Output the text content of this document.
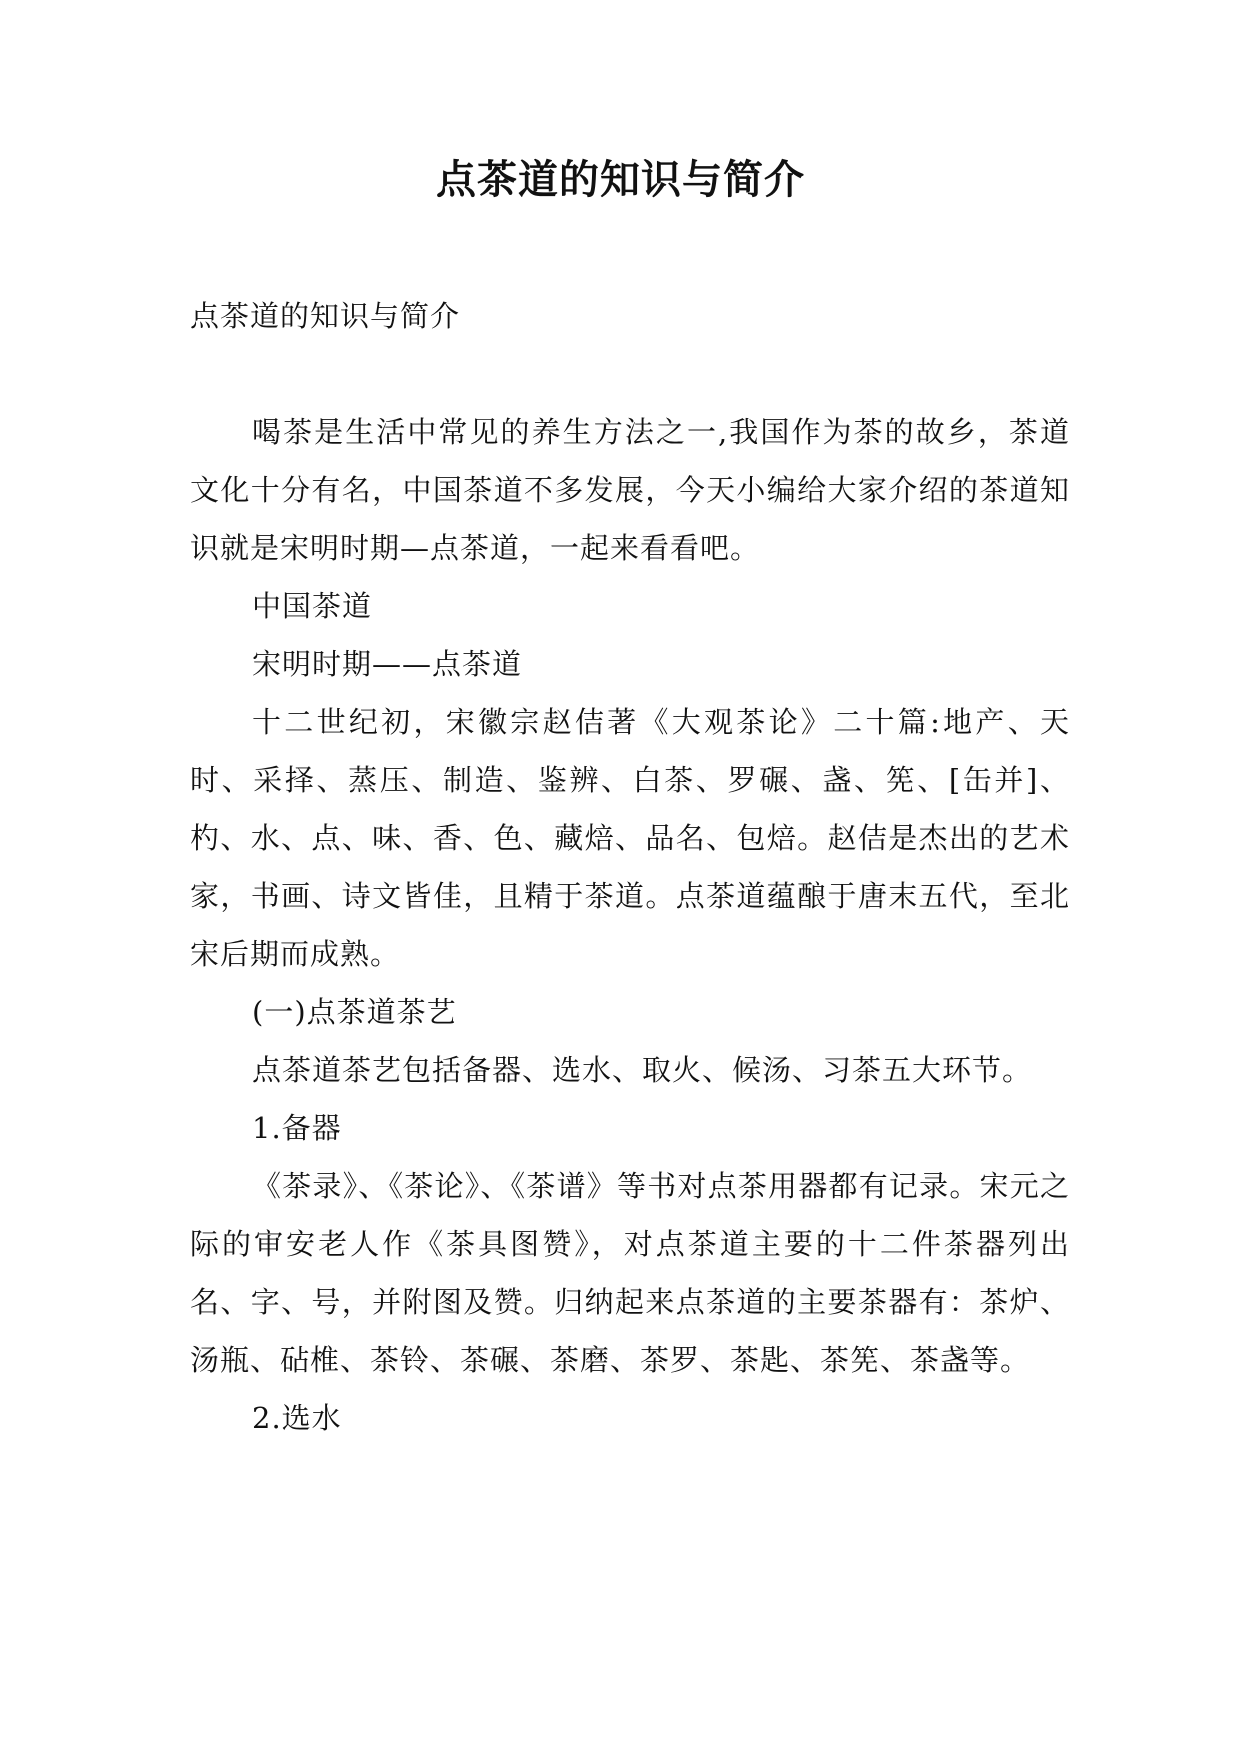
点茶道的知识与简介

点茶道的知识与简介

喝茶是生活中常见的养生方法之一,我国作为茶的故乡，茶道文化十分有名，中国茶道不多发展，今天小编给大家介绍的茶道知识就是宋明时期—点茶道，一起来看看吧。

中国茶道

宋明时期——点茶道

十二世纪初，宋徽宗赵佶著《大观茶论》二十篇:地产、天时、采择、蒸压、制造、鉴辨、白茶、罗碾、盏、筅、[缶并]、杓、水、点、味、香、色、藏焙、品名、包焙。赵佶是杰出的艺术家，书画、诗文皆佳，且精于茶道。点茶道蕴酿于唐末五代，至北宋后期而成熟。

(一)点茶道茶艺

点茶道茶艺包括备器、选水、取火、候汤、习茶五大环节。

1.备器

《茶录》、《茶论》、《茶谱》等书对点茶用器都有记录。宋元之际的审安老人作《茶具图赞》，对点茶道主要的十二件茶器列出名、字、号，并附图及赞。归纳起来点茶道的主要茶器有：茶炉、汤瓶、砧椎、茶铃、茶碾、茶磨、茶罗、茶匙、茶筅、茶盏等。

2.选水
